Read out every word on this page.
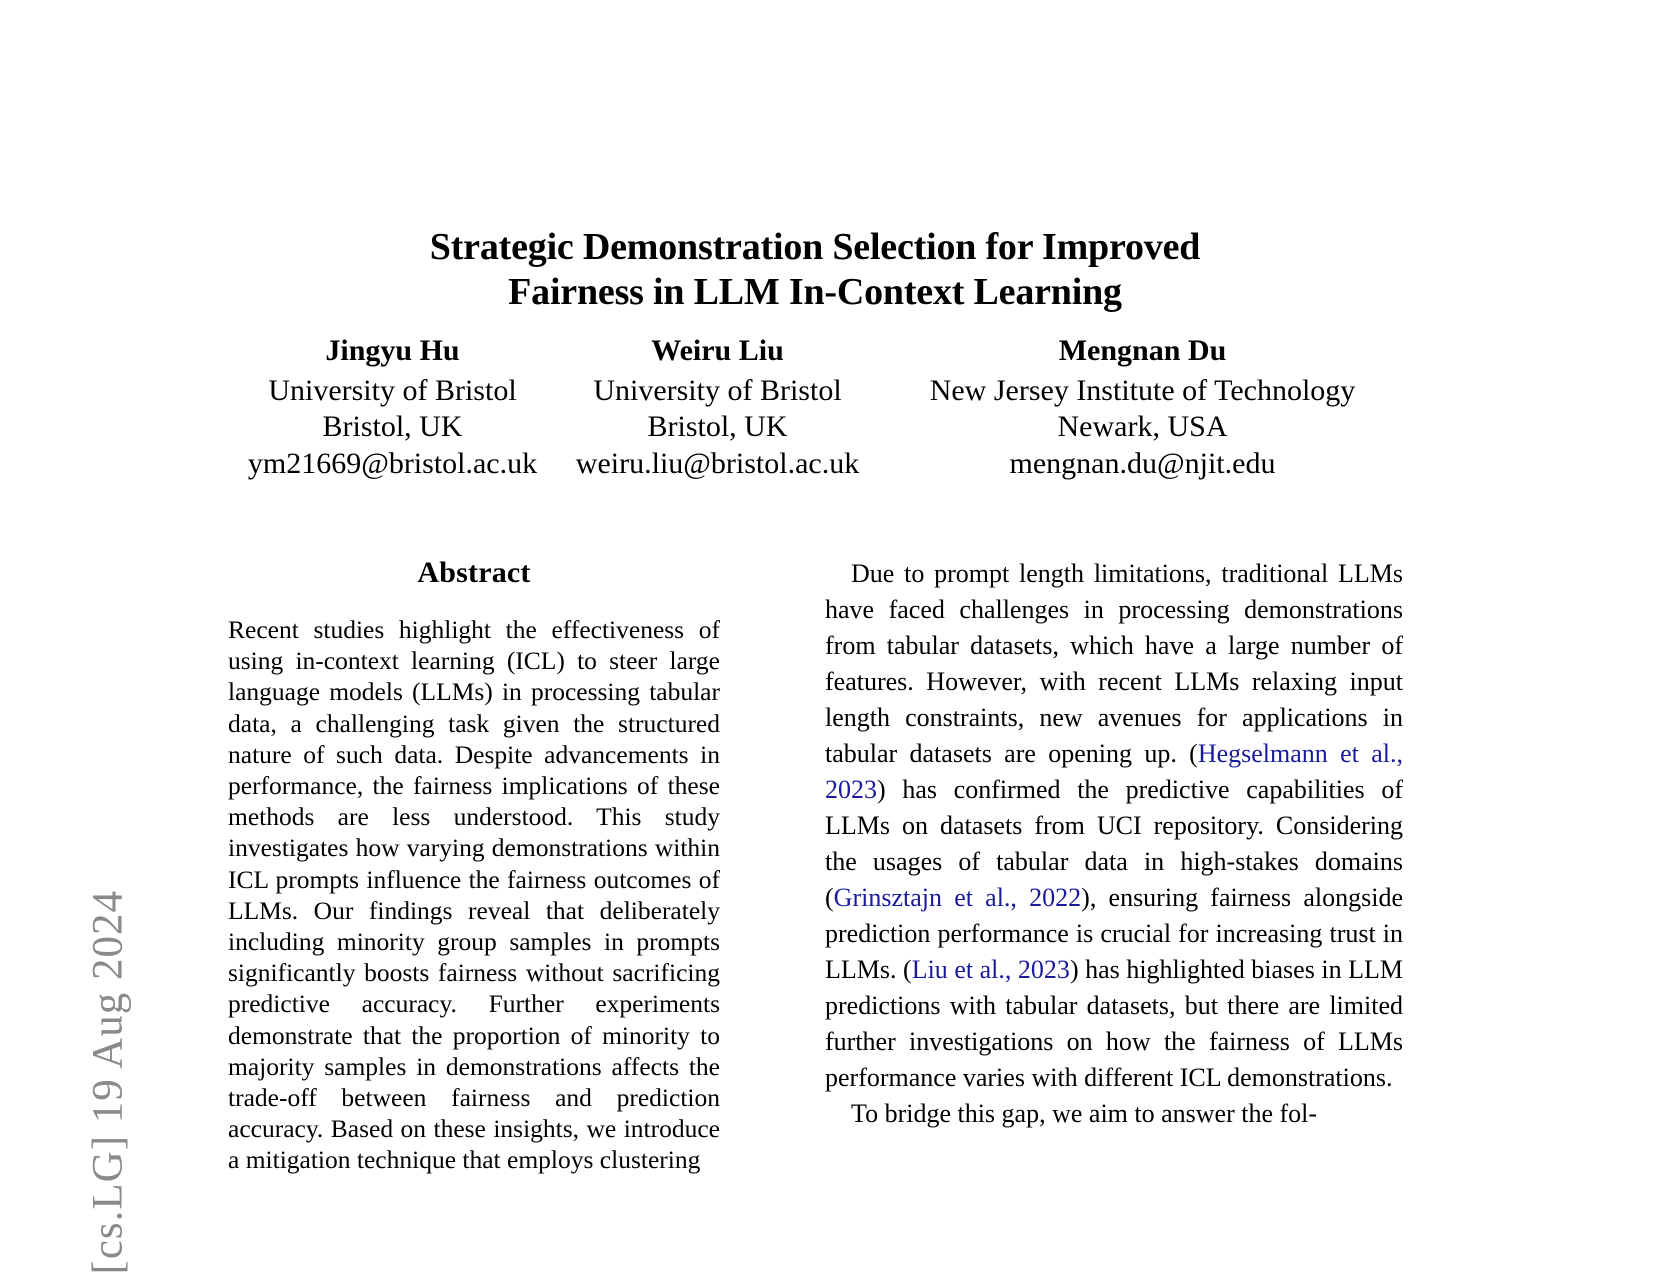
[cs.LG] 19 Aug 2024
Strategic Demonstration Selection for Improved
Fairness in LLM In-Context Learning
Jingyu Hu
University of Bristol
Bristol, UK
ym21669@bristol.ac.uk
Weiru Liu
University of Bristol
Bristol, UK
weiru.liu@bristol.ac.uk
Mengnan Du
New Jersey Institute of Technology
Newark, USA
mengnan.du@njit.edu
Abstract

Recent studies highlight the effectiveness of using in-context learning (ICL) to steer large language models (LLMs) in processing tabular data, a challenging task given the structured nature of such data. Despite advancements in performance, the fairness implications of these methods are less understood. This study investigates how varying demonstrations within ICL prompts influence the fairness outcomes of LLMs. Our findings reveal that deliberately including minority group samples in prompts significantly boosts fairness without sacrificing predictive accuracy. Further experiments demonstrate that the proportion of minority to majority samples in demonstrations affects the trade-off between fairness and prediction accuracy. Based on these insights, we introduce a mitigation technique that employs clustering

Due to prompt length limitations, traditional LLMs have faced challenges in processing demonstrations from tabular datasets, which have a large number of features. However, with recent LLMs relaxing input length constraints, new avenues for applications in tabular datasets are opening up. (Hegselmann et al., 2023) has confirmed the predictive capabilities of LLMs on datasets from UCI repository. Considering the usages of tabular data in high-stakes domains (Grinsztajn et al., 2022), ensuring fairness alongside prediction performance is crucial for increasing trust in LLMs. (Liu et al., 2023) has highlighted biases in LLM predictions with tabular datasets, but there are limited further investigations on how the fairness of LLMs performance varies with different ICL demonstrations.

To bridge this gap, we aim to answer the fol-
